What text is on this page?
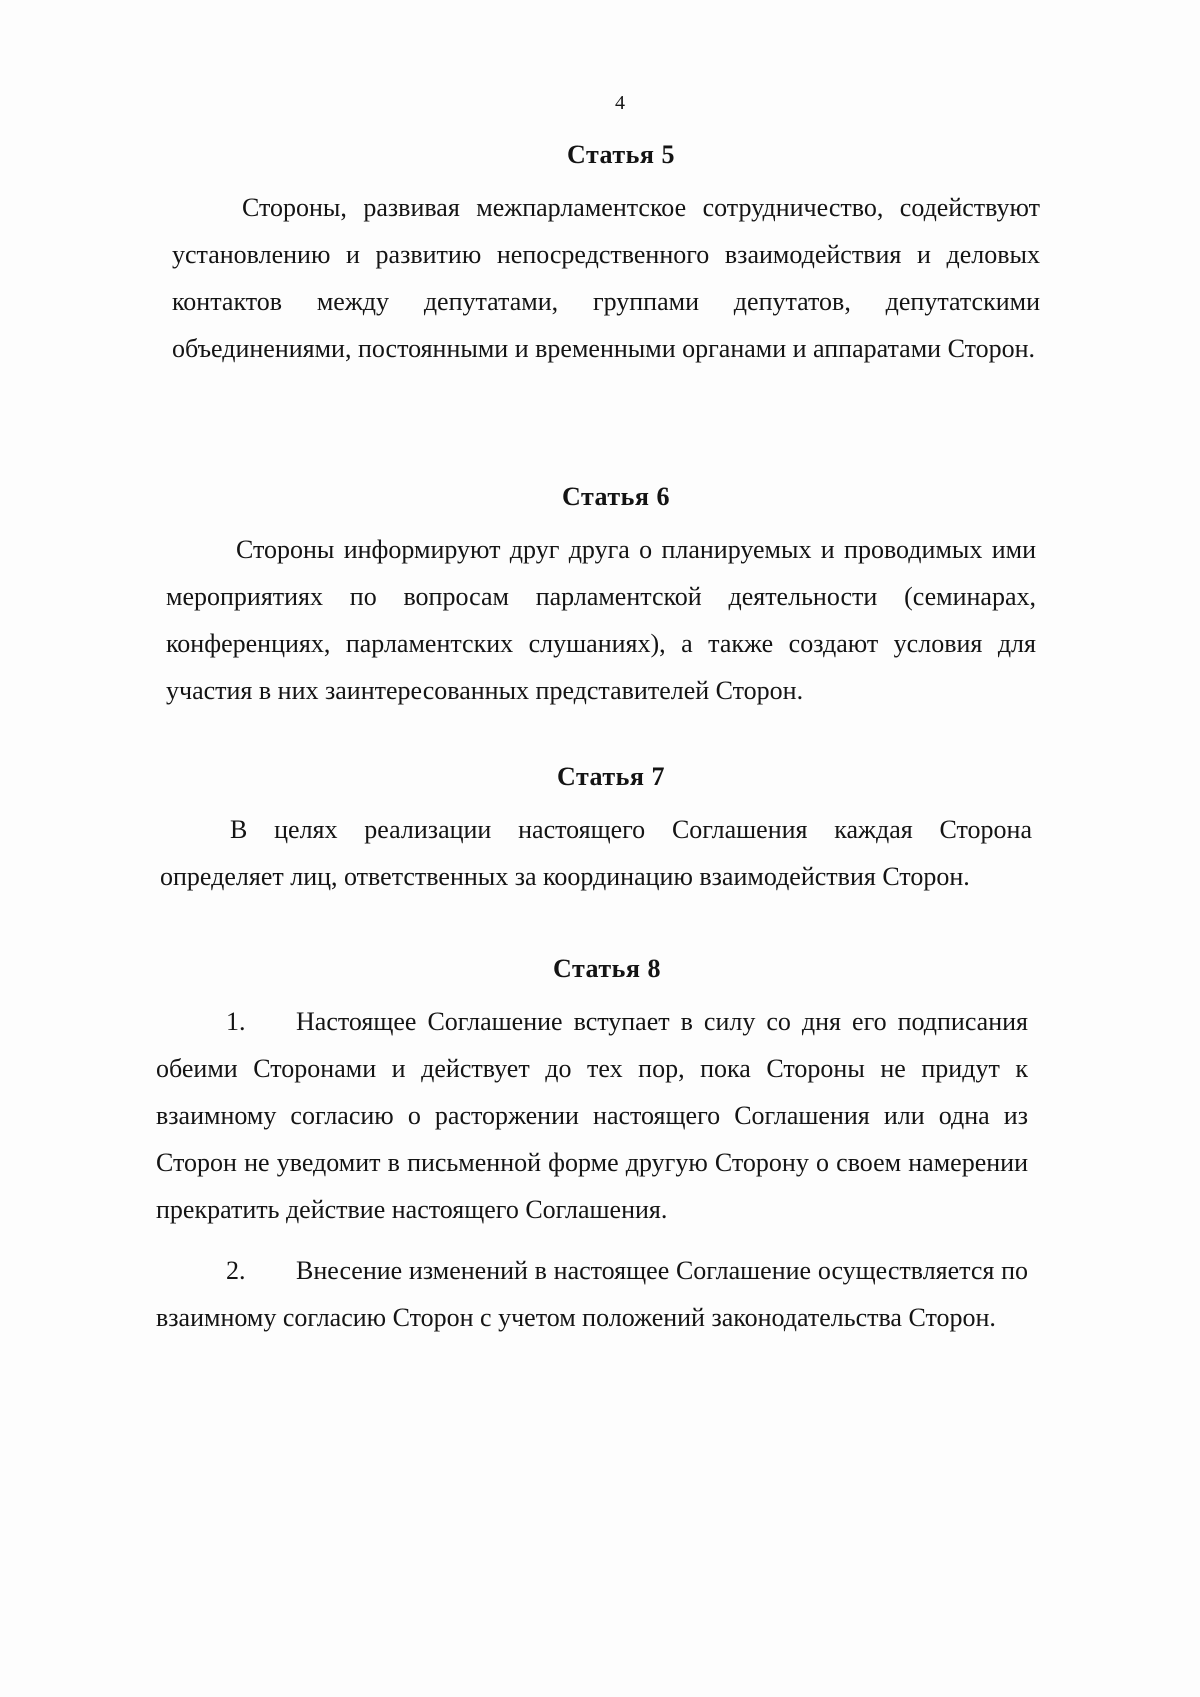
4
Статья 5

Стороны, развивая межпарламентское сотрудничество, содействуют установлению и развитию непосредственного взаимодействия и деловых контактов между депутатами, группами депутатов, депутатскими объединениями, постоянными и временными органами и аппаратами Сторон.

Статья 6

Стороны информируют друг друга о планируемых и проводимых ими мероприятиях по вопросам парламентской деятельности (семинарах, конференциях, парламентских слушаниях), а также создают условия для участия в них заинтересованных представителей Сторон.

Статья 7

В целях реализации настоящего Соглашения каждая Сторона определяет лиц, ответственных за координацию взаимодействия Сторон.

Статья 8

1. Настоящее Соглашение вступает в силу со дня его подписания обеими Сторонами и действует до тех пор, пока Стороны не придут к взаимному согласию о расторжении настоящего Соглашения или одна из Сторон не уведомит в письменной форме другую Сторону о своем намерении прекратить действие настоящего Соглашения.

2. Внесение изменений в настоящее Соглашение осуществляется по взаимному согласию Сторон с учетом положений законодательства Сторон.
